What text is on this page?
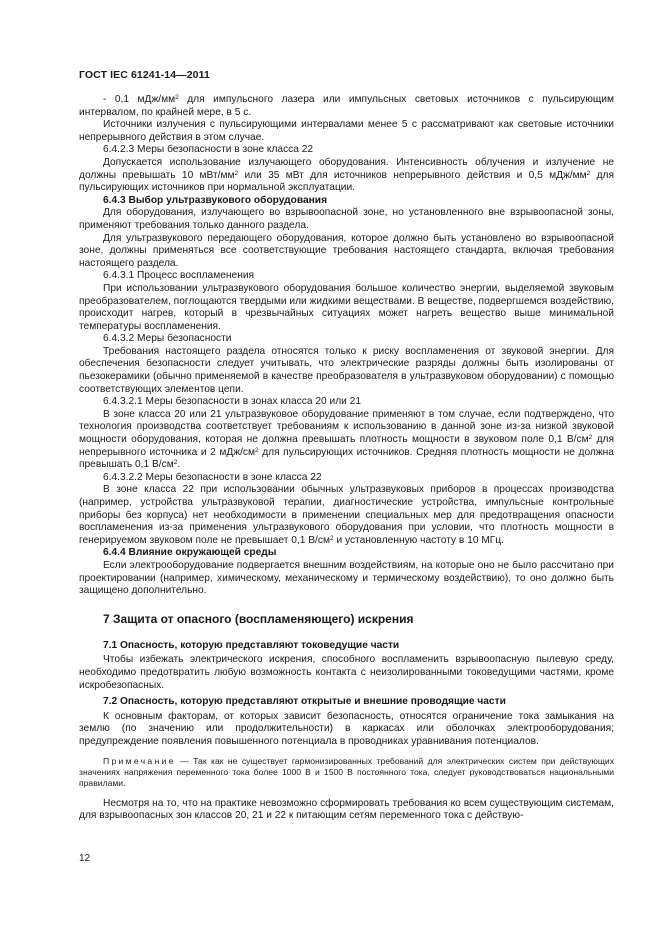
ГОСТ IEC 61241-14—2011

- 0,1 мДж/$мм^2$ для импульсного лазера или импульсных световых источников с пульсирующим интервалом, по крайней мере, в 5 с.

Источники излучения с пульсирующими интервалами менее 5 с рассматривают как световые источники непрерывного действия в этом случае.

6.4.2.3 Меры безопасности в зоне класса 22

Допускается использование излучающего оборудования. Интенсивность облучения и излучение не должны превышать 10 мВт/$мм^2$ или 35 мВт для источников непрерывного действия и 0,5 мДж/$мм^2$ для пульсирующих источников при нормальной эксплуатации.

6.4.3 Выбор ультразвукового оборудования

Для оборудования, излучающего во взрывоопасной зоне, но установленного вне взрывоопасной зоны, применяют требования только данного раздела.

Для ультразвукового передающего оборудования, которое должно быть установлено во взрывоопасной зоне, должны применяться все соответствующие требования настоящего стандарта, включая требования настоящего раздела.

6.4.3.1 Процесс воспламенения

При использовании ультразвукового оборудования большое количество энергии, выделяемой звуковым преобразователем, поглощаются твердыми или жидкими веществами. В веществе, подвергшемся воздействию, происходит нагрев, который в чрезвычайных ситуациях может нагреть вещество выше минимальной температуры воспламенения.

6.4.3.2 Меры безопасности

Требования настоящего раздела относятся только к риску воспламенения от звуковой энергии. Для обеспечения безопасности следует учитывать, что электрические разряды должны быть изолированы от пьезокерамики (обычно применяемой в качестве преобразователя в ультразвуковом оборудовании) с помощью соответствующих элементов цепи.

6.4.3.2.1 Меры безопасности в зонах класса 20 или 21

В зоне класса 20 или 21 ультразвуковое оборудование применяют в том случае, если подтверждено, что технология производства соответствует требованиям к использованию в данной зоне из-за низкой звуковой мощности оборудования, которая не должна превышать плотность мощности в звуковом поле 0,1 $В/см^2$ для непрерывного источника и 2 мДж/$см^2$ для пульсирующих источников. Средняя плотность мощности не должна превышать 0,1 $В/см^2$.

6.4.3.2.2 Меры безопасности в зоне класса 22

В зоне класса 22 при использовании обычных ультразвуковых приборов в процессах производства (например, устройства ультразвуковой терапии, диагностические устройства, импульсные контрольные приборы без корпуса) нет необходимости в применении специальных мер для предотвращения опасности воспламенения из-за применения ультразвукового оборудования при условии, что плотность мощности в генерируемом звуковом поле не превышает 0,1 $В/см^2$ и установленную частоту в 10 МГц.

6.4.4 Влияние окружающей среды

Если электрооборудование подвергается внешним воздействиям, на которые оно не было рассчитано при проектировании (например, химическому, механическому и термическому воздействию), то оно должно быть защищено дополнительно.

7 Защита от опасного (воспламеняющего) искрения

7.1 Опасность, которую представляют токоведущие части

Чтобы избежать электрического искрения, способного воспламенить взрывоопасную пылевую среду, необходимо предотвратить любую возможность контакта с неизолированными токоведущими частями, кроме искробезопасных.

7.2 Опасность, которую представляют открытые и внешние проводящие части

К основным факторам, от которых зависит безопасность, относятся ограничение тока замыкания на землю (по значению или продолжительности) в каркасах или оболочках электрооборудования; предупреждение появления повышенного потенциала в проводниках уравнивания потенциалов.

Примечание — Так как не существует гармонизированных требований для электрических систем при действующих значениях напряжения переменного тока более 1000 В и 1500 В постоянного тока, следует руководствоваться национальными правилами.

Несмотря на то, что на практике невозможно сформировать требования ко всем существующим системам, для взрывоопасных зон классов 20, 21 и 22 к питающим сетям переменного тока с действую-

12
